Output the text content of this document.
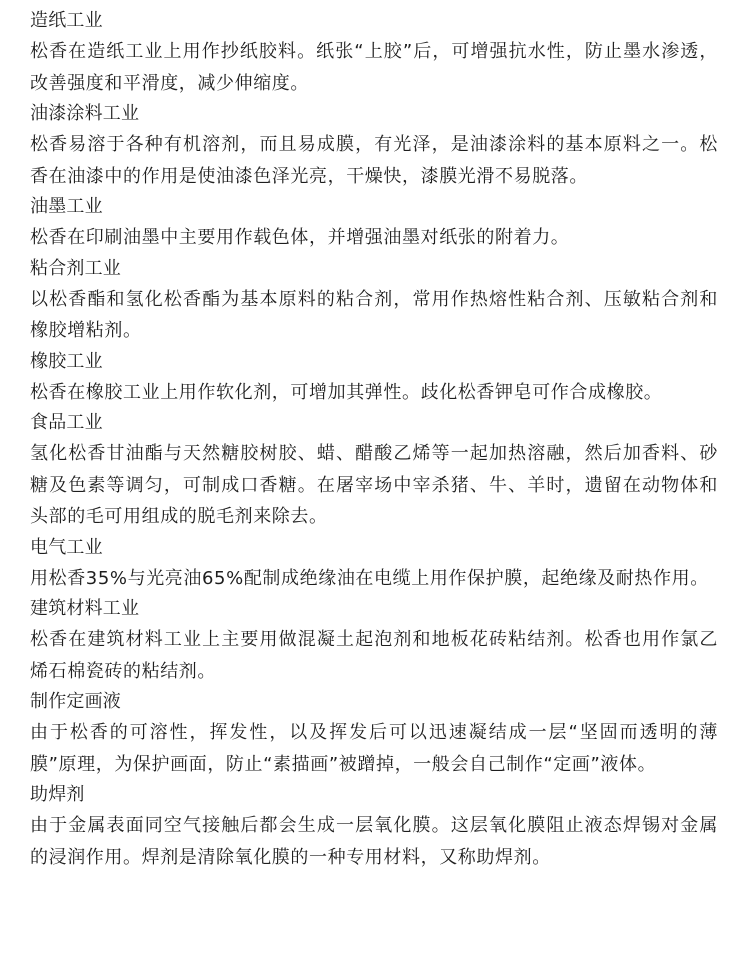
造纸工业
松香在造纸工业上用作抄纸胶料。纸张“上胶”后，可增强抗水性，防止墨水渗透，改善强度和平滑度，减少伸缩度。
油漆涂料工业
松香易溶于各种有机溶剂，而且易成膜，有光泽，是油漆涂料的基本原料之一。松香在油漆中的作用是使油漆色泽光亮，干燥快，漆膜光滑不易脱落。
油墨工业
松香在印刷油墨中主要用作载色体，并增强油墨对纸张的附着力。
粘合剂工业
以松香酯和氢化松香酯为基本原料的粘合剂，常用作热熔性粘合剂、压敏粘合剂和橡胶增粘剂。
橡胶工业
松香在橡胶工业上用作软化剂，可增加其弹性。歧化松香钾皂可作合成橡胶。
食品工业
氢化松香甘油酯与天然糖胶树胶、蜡、醋酸乙烯等一起加热溶融，然后加香料、砂糖及色素等调匀，可制成口香糖。在屠宰场中宰杀猪、牛、羊时，遗留在动物体和头部的毛可用组成的脱毛剂来除去。
电气工业
用松香35%与光亮油65%配制成绝缘油在电缆上用作保护膜，起绝缘及耐热作用。
建筑材料工业
松香在建筑材料工业上主要用做混凝土起泡剂和地板花砖粘结剂。松香也用作氯乙烯石棉瓷砖的粘结剂。
制作定画液
由于松香的可溶性，挥发性，以及挥发后可以迅速凝结成一层“坚固而透明的薄膜”原理，为保护画面，防止“素描画”被蹭掉，一般会自己制作“定画”液体。
助焊剂
由于金属表面同空气接触后都会生成一层氧化膜。这层氧化膜阻止液态焊锡对金属的浸润作用。焊剂是清除氧化膜的一种专用材料，又称助焊剂。
